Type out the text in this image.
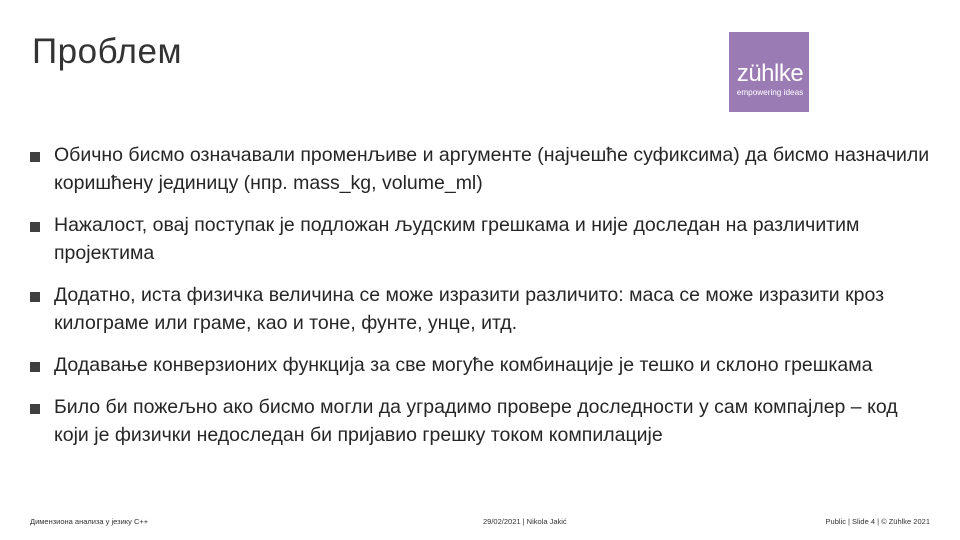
Проблем
zühlke
empowering ideas
Обично бисмо означавали променљиве и аргументе (најчешће суфиксима) да бисмо назначили коришћену јединицу (нпр. mass_kg, volume_ml)
Нажалост, овај поступак је подложан људским грешкама и није доследан на различитим пројектима
Додатно, иста физичка величина се може изразити различито: маса се може изразити кроз килограме или граме, као и тоне, фунте, унце, итд.
Додавање конверзионих функција за све могуће комбинације је тешко и склоно грешкама
Било би пожељно ако бисмо могли да уградимо провере доследности у сам компајлер – код који је физички недоследан би пријавио грешку током компилације
Димензиона анализа у језику C++	29/02/2021 | Nikola Jakić	Public | Slide 4 | © Zühlke 2021
